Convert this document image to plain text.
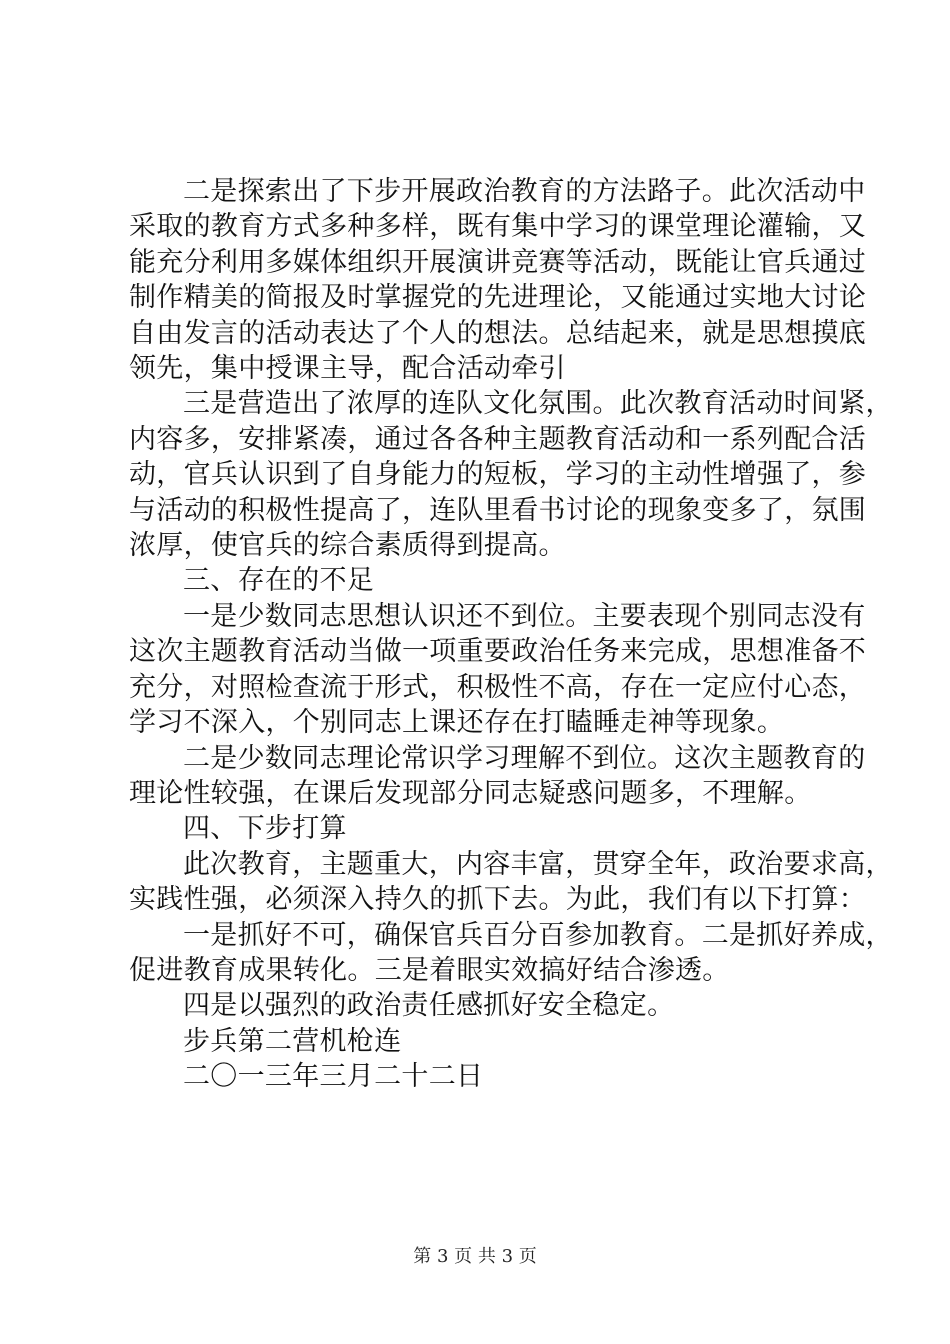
二是探索出了下步开展政治教育的方法路子。此次活动中
采取的教育方式多种多样，既有集中学习的课堂理论灌输，又
能充分利用多媒体组织开展演讲竞赛等活动，既能让官兵通过
制作精美的简报及时掌握党的先进理论，又能通过实地大讨论
自由发言的活动表达了个人的想法。总结起来，就是思想摸底
领先，集中授课主导，配合活动牵引
三是营造出了浓厚的连队文化氛围。此次教育活动时间紧，
内容多，安排紧凑，通过各各种主题教育活动和一系列配合活
动，官兵认识到了自身能力的短板，学习的主动性增强了，参
与活动的积极性提高了，连队里看书讨论的现象变多了，氛围
浓厚，使官兵的综合素质得到提高。
三、存在的不足
一是少数同志思想认识还不到位。主要表现个别同志没有
这次主题教育活动当做一项重要政治任务来完成，思想准备不
充分，对照检查流于形式，积极性不高，存在一定应付心态，
学习不深入，个别同志上课还存在打瞌睡走神等现象。
二是少数同志理论常识学习理解不到位。这次主题教育的
理论性较强，在课后发现部分同志疑惑问题多，不理解。
四、下步打算
此次教育，主题重大，内容丰富，贯穿全年，政治要求高，
实践性强，必须深入持久的抓下去。为此，我们有以下打算：
一是抓好不可，确保官兵百分百参加教育。二是抓好养成，
促进教育成果转化。三是着眼实效搞好结合渗透。
四是以强烈的政治责任感抓好安全稳定。
步兵第二营机枪连
二〇一三年三月二十二日
第 3 页 共 3 页
